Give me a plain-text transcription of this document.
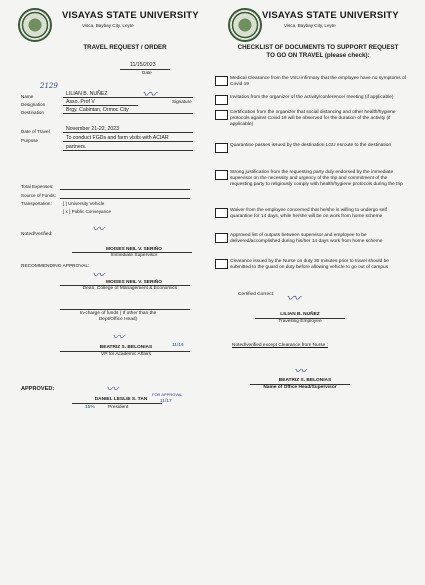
VISAYAS STATE UNIVERSITY
Visca, Baybay City, Leyte
TRAVEL REQUEST / ORDER
11/15/2023
Date
2129
Name	LILIAN B. NUÑEZ 〰	Signature
Designation	Asso. Prof V
Destination	Brgy. Cabintan, Ormoc City
Date of Travel	November 21-22, 2023
Purpose	To conduct FGDs and farm visits with ACIAR
partners.
Total Expenses:
Source of Funds:
Transportation: [ ] University Vehicle
[ x ] Public Conveyance
Noted/Verified:	〰
MOISES NEIL V. SERIÑO
Immediate Supervisor
RECOMMENDING APPROVAL:
〰
MOISES NEIL V. SERIÑO
Dean, College of Management & Economics
In-charge of funds ( If other than the
Dept/Office Head)
〰
11/16
BEATRIZ S. BELONIAS
VP for Academic Affairs
APPROVED:	〰	FOR APPROVAL
11/17
DANIEL LESLIE S. TAN
15%	President
VISAYAS STATE UNIVERSITY
Visca, Baybay City, Leyte
CHECKLIST OF DOCUMENTS TO SUPPORT REQUEST
TO GO ON TRAVEL (please check):
Medical Clearance from the VSU infirmary that the employee have no symptoms of Covid 19
Invitation from the organizer of the activity/conference/ meeting (if applicable)
Certification from the organizer that social distancing and other health/hygiene protocols against Covid 19 will be observed for the duration of the activity (if applicable)
Quarantine passes issued by the destination LGU enroute to the destination
Strong justification from the requesting party duly endorsed by the immediate supervisor on the necessity and urgency of the trip and commitment of the requesting party to religiously comply with health/hygiene protocols during the trip
Waiver from the employee concerned that he/she is willing to undergo self quarantine for 14 days, while he/she will be on work from home scheme
Approved list of outputs between supervisor and employee to be delivered/accomplished during his/her 14 days work from home scheme
Clearance issued by the Nurse on duty 30 minutes prior to travel should be submitted to the guard on duty before allowing vehicle to go out of campus
Certified Correct: 〰
LILIAN B. NUÑEZ
Travelling Employee
Noted/verified except Clearance from Nurse :
〰
BEATRIZ S. BELONIAS
Name of Office Head/Supervisor
